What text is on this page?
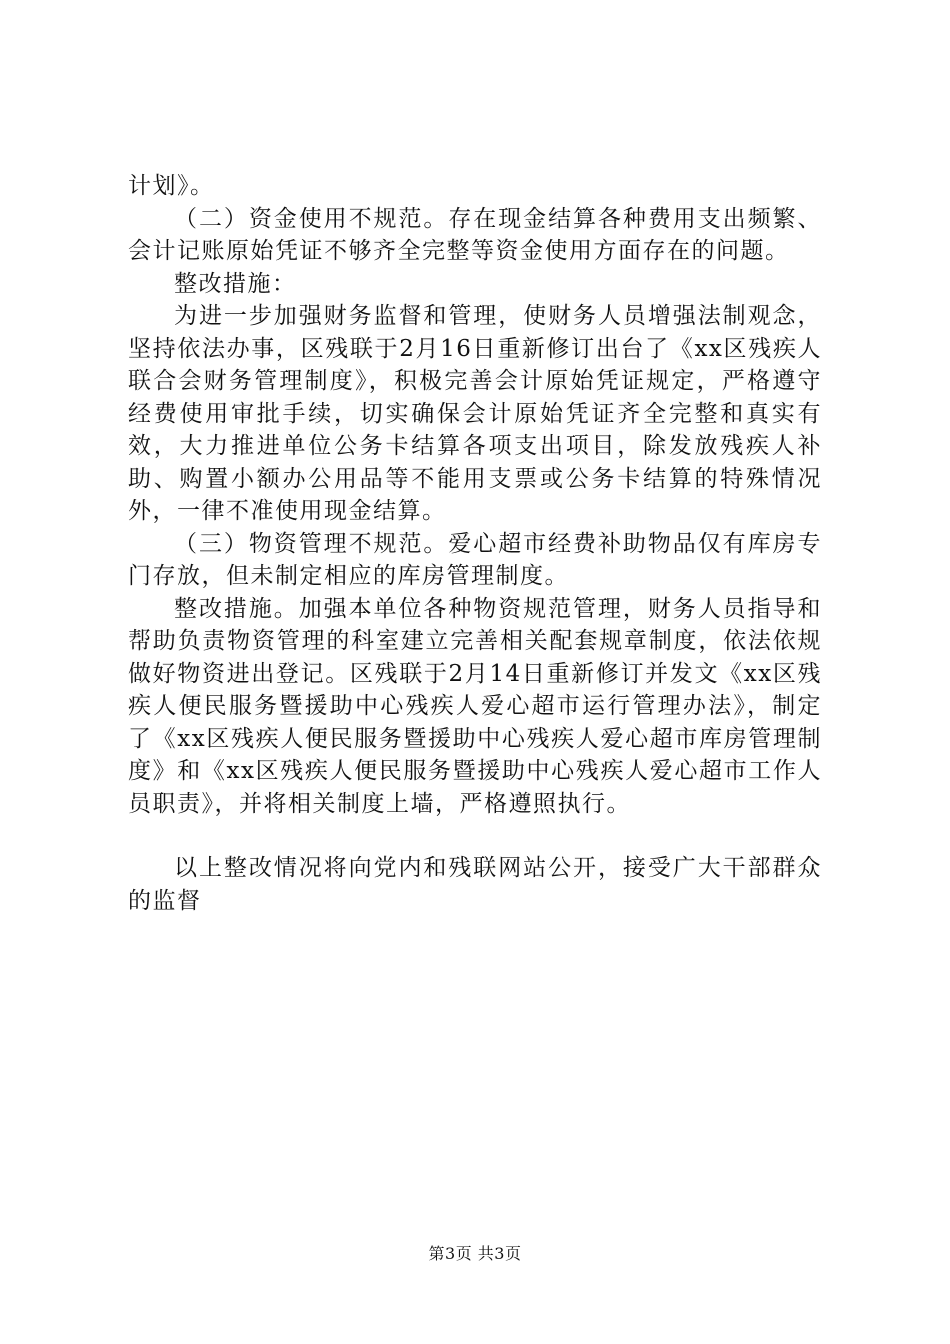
计划》。

（二）资金使用不规范。存在现金结算各种费用支出频繁、会计记账原始凭证不够齐全完整等资金使用方面存在的问题。

整改措施：

为进一步加强财务监督和管理，使财务人员增强法制观念，坚持依法办事，区残联于2月16日重新修订出台了《xx区残疾人联合会财务管理制度》，积极完善会计原始凭证规定，严格遵守经费使用审批手续，切实确保会计原始凭证齐全完整和真实有效，大力推进单位公务卡结算各项支出项目，除发放残疾人补助、购置小额办公用品等不能用支票或公务卡结算的特殊情况外，一律不准使用现金结算。

（三）物资管理不规范。爱心超市经费补助物品仅有库房专门存放，但未制定相应的库房管理制度。

整改措施。加强本单位各种物资规范管理，财务人员指导和帮助负责物资管理的科室建立完善相关配套规章制度，依法依规做好物资进出登记。区残联于2月14日重新修订并发文《xx区残疾人便民服务暨援助中心残疾人爱心超市运行管理办法》，制定了《xx区残疾人便民服务暨援助中心残疾人爱心超市库房管理制度》和《xx区残疾人便民服务暨援助中心残疾人爱心超市工作人员职责》，并将相关制度上墙，严格遵照执行。

以上整改情况将向党内和残联网站公开，接受广大干部群众的监督

第3页 共3页
